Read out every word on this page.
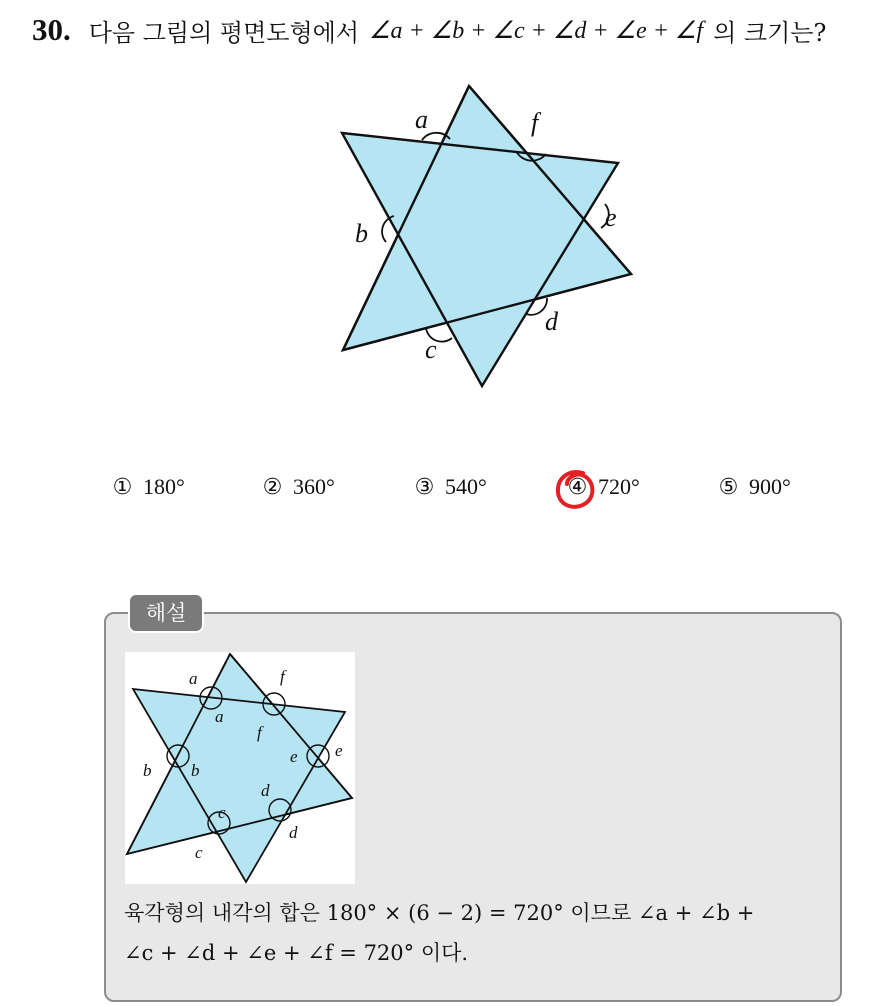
30. 다음 그림의 평면도형에서 ∠a + ∠b + ∠c + ∠d + ∠e + ∠f 의 크기는?
a	f
b
e
d
c
① 180°	② 360°	③ 540°	④ 720°	⑤ 900°
해설
a
a
f
f
b b
e e
c
c
d
d
육각형의 내각의 합은 180° × (6 − 2) = 720° 이므로 ∠a + ∠b +
∠c + ∠d + ∠e + ∠f = 720° 이다.
